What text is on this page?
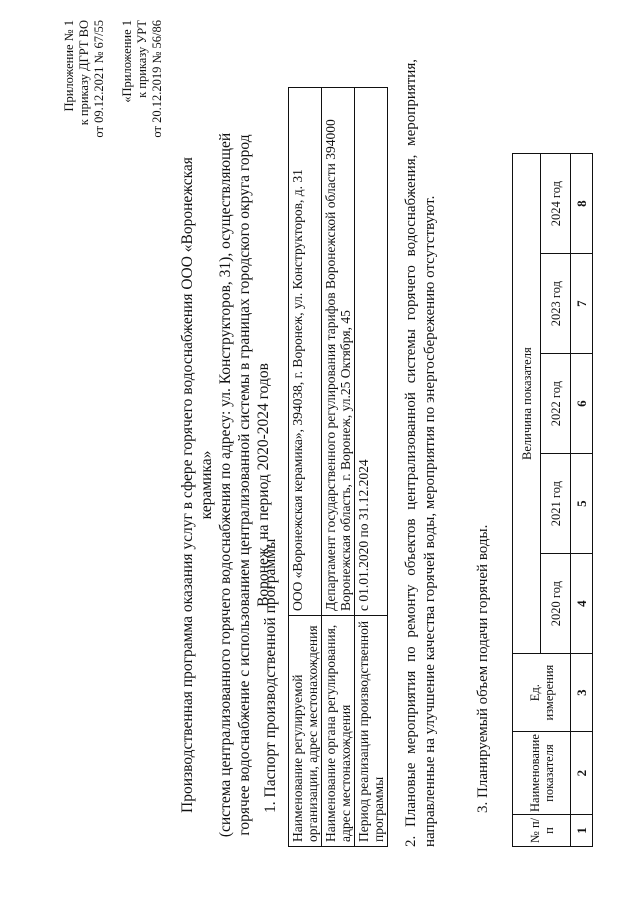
Приложение № 1 к приказу ДГРТ ВО от 09.12.2021 № 67/55 «Приложение 1 к приказу УРТ от 20.12.2019 № 56/86
Производственная программа оказания услуг в сфере горячего водоснабжения ООО «Воронежская керамика» (система централизованного горячего водоснабжения по адресу: ул. Конструкторов, 31), осуществляющей горячее водоснабжение с использованием централизованной системы в границах городского округа город Воронеж, на период 2020-2024 годов
1. Паспорт производственной программы Наименование регулируемой организации, адрес местонахождения	ООО «Воронежская керамика», 394038, г. Воронеж, ул. Конструкторов, д. 31
Наименование органа регулирования, адрес местонахождения	Департамент государственного регулирования тарифов Воронежской области 394000 Воронежская область, г. Воронеж, ул.25 Октября, 45
Период реализации производственной программы	с 01.01.2020 по 31.12.2024 2. Плановые мероприятия по ремонту объектов централизованной системы горячего водоснабжения, мероприятия, направленные на улучшение качества горячей воды, мероприятия по энергосбережению отсутствуют. 3. Планируемый объем подачи горячей воды.
№ п/п	Наименование показателя	Ед. измерения	Величина показателя				
			2020 год	2021 год	2022 год	2023 год	2024 год
1	2	3	4	5	6	7	8
